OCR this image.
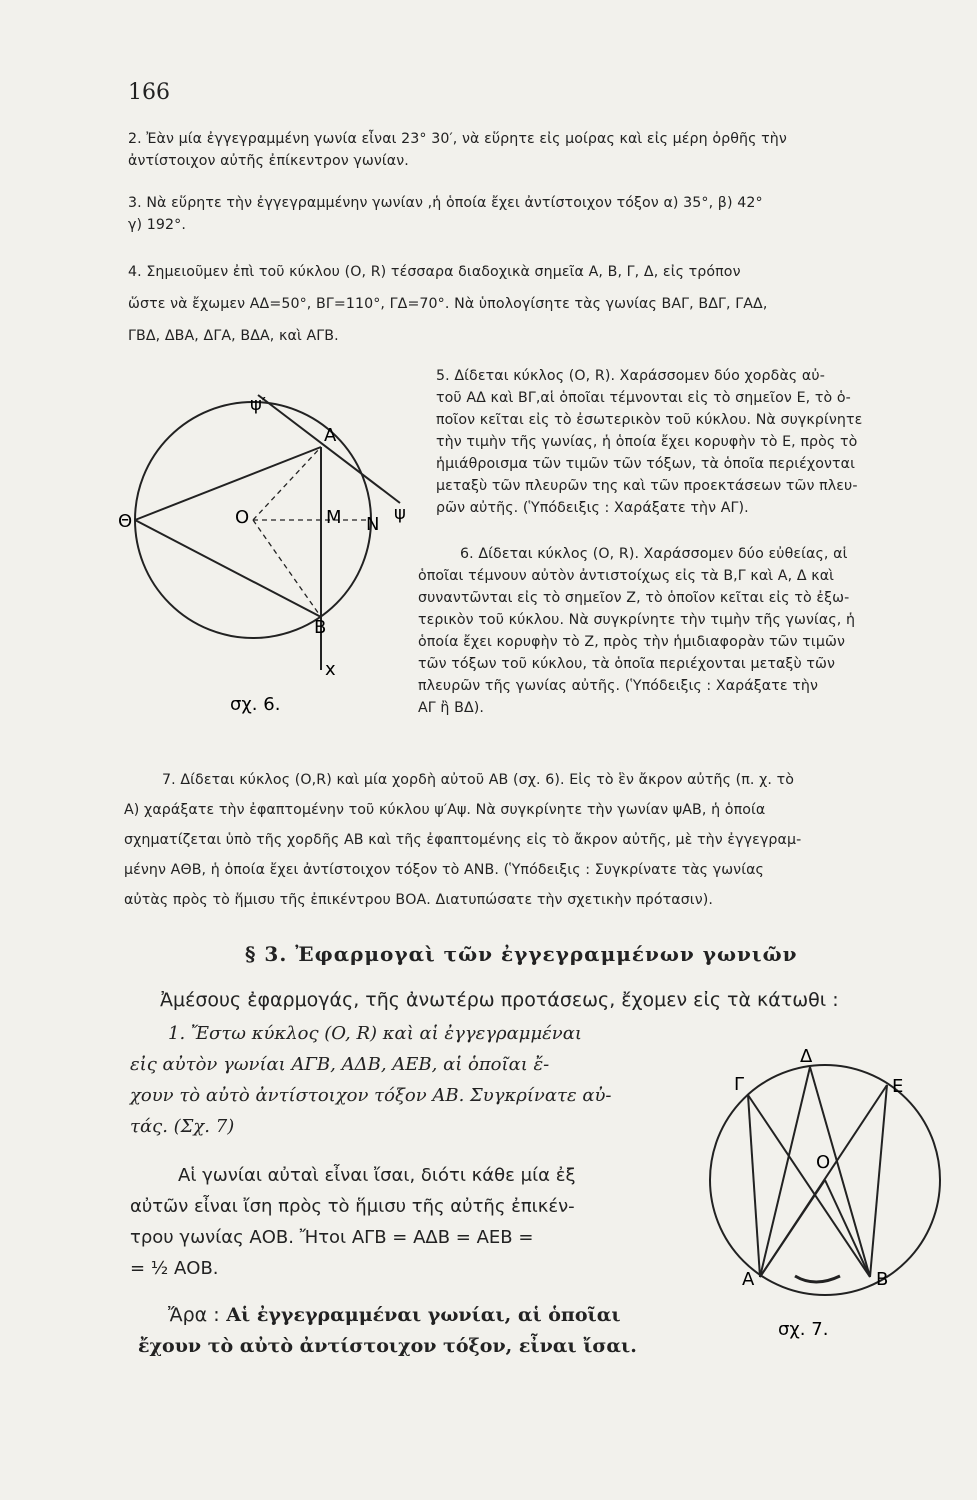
166
2. Ἐὰν μία ἐγγεγραμμένη γωνία εἶναι 23° 30′, νὰ εὕρητε εἰς μοίρας καὶ εἰς μέρη ὀρθῆς τὴν
ἀντίστοιχον αὐτῆς ἐπίκεντρον γωνίαν.
3. Νὰ εὕρητε τὴν ἐγγεγραμμένην γωνίαν ,ἡ ὁποία ἔχει ἀντίστοιχον τόξον α) 35°, β) 42°
γ) 192°.
4. Σημειοῦμεν ἐπὶ τοῦ κύκλου (O, R) τέσσαρα διαδοχικὰ σημεῖα Α, Β, Γ, Δ, εἰς τρόπον
ὥστε νὰ ἔχωμεν ΑΔ=50°, ΒΓ=110°, ΓΔ=70°. Νὰ ὑπολογίσητε τὰς γωνίας ΒΑΓ, ΒΔΓ, ΓΑΔ,
ΓΒΔ, ΔΒΑ, ΔΓΑ, ΒΔΑ, καὶ ΑΓΒ.
ψ′
Α
Θ	O	M Ν
ψ
Β
x
σχ. 6.
5. Δίδεται κύκλος (O, R). Χαράσσομεν δύο χορδὰς αὐ-
τοῦ ΑΔ καὶ ΒΓ,αἱ ὁποῖαι τέμνονται εἰς τὸ σημεῖον Ε, τὸ ὁ-
ποῖον κεῖται εἰς τὸ ἐσωτερικὸν τοῦ κύκλου. Νὰ συγκρίνητε
τὴν τιμὴν τῆς γωνίας, ἡ ὁποία ἔχει κορυφὴν τὸ Ε, πρὸς τὸ
ἡμιάθροισμα τῶν τιμῶν τῶν τόξων, τὰ ὁποῖα περιέχονται
μεταξὺ τῶν πλευρῶν της καὶ τῶν προεκτάσεων τῶν πλευ-
ρῶν αὐτῆς. (Ὑπόδειξις : Χαράξατε τὴν ΑΓ).
6. Δίδεται κύκλος (O, R). Χαράσσομεν δύο εὐθείας, αἱ
ὁποῖαι τέμνουν αὐτὸν ἀντιστοίχως εἰς τὰ Β,Γ καὶ Α, Δ καὶ
συναντῶνται εἰς τὸ σημεῖον Ζ, τὸ ὁποῖον κεῖται εἰς τὸ ἐξω-
τερικὸν τοῦ κύκλου. Νὰ συγκρίνητε τὴν τιμὴν τῆς γωνίας, ἡ
ὁποία ἔχει κορυφὴν τὸ Ζ, πρὸς τὴν ἡμιδιαφορὰν τῶν τιμῶν
τῶν τόξων τοῦ κύκλου, τὰ ὁποῖα περιέχονται μεταξὺ τῶν
πλευρῶν τῆς γωνίας αὐτῆς. (Ὑπόδειξις : Χαράξατε τὴν
ΑΓ ἢ ΒΔ).
7. Δίδεται κύκλος (O,R) καὶ μία χορδὴ αὐτοῦ ΑΒ (σχ. 6). Εἰς τὸ ἓν ἄκρον αὐτῆς (π. χ. τὸ
Α) χαράξατε τὴν ἐφαπτομένην τοῦ κύκλου ψ′Αψ. Νὰ συγκρίνητε τὴν γωνίαν ψΑΒ, ἡ ὁποία
σχηματίζεται ὑπὸ τῆς χορδῆς ΑΒ καὶ τῆς ἐφαπτομένης εἰς τὸ ἄκρον αὐτῆς, μὲ τὴν ἐγγεγραμ-
μένην ΑΘΒ, ἡ ὁποία ἔχει ἀντίστοιχον τόξον τὸ ΑΝΒ. (Ὑπόδειξις : Συγκρίνατε τὰς γωνίας
αὐτὰς πρὸς τὸ ἥμισυ τῆς ἐπικέντρου ΒΟΑ. Διατυπώσατε τὴν σχετικὴν πρότασιν).
§ 3. Ἐφαρμογαὶ τῶν ἐγγεγραμμένων γωνιῶν
Ἀμέσους ἐφαρμογάς, τῆς ἀνωτέρω προτάσεως, ἔχομεν εἰς τὰ κάτωθι :
1. Ἔστω κύκλος (O, R) καὶ αἱ ἐγγεγραμμέναι
εἰς αὐτὸν γωνίαι ΑΓΒ, ΑΔΒ, ΑΕΒ, αἱ ὁποῖαι ἔ-
χουν τὸ αὐτὸ ἀντίστοιχον τόξον ΑΒ. Συγκρίνατε αὐ-
τάς. (Σχ. 7)
Αἱ γωνίαι αὐταὶ εἶναι ἴσαι, διότι κάθε μία ἐξ
αὐτῶν εἶναι ἴση πρὸς τὸ ἥμισυ τῆς αὐτῆς ἐπικέν-
τρου γωνίας ΑΟΒ. Ἤτοι ΑΓΒ = ΑΔΒ = ΑΕΒ =
= ½ ΑΟΒ.
Ἄρα : Αἱ ἐγγεγραμμέναι γωνίαι, αἱ ὁποῖαι
ἔχουν τὸ αὐτὸ ἀντίστοιχον τόξον, εἶναι ἴσαι.
Δ
Γ	Ε
O
Α	Β
σχ. 7.
